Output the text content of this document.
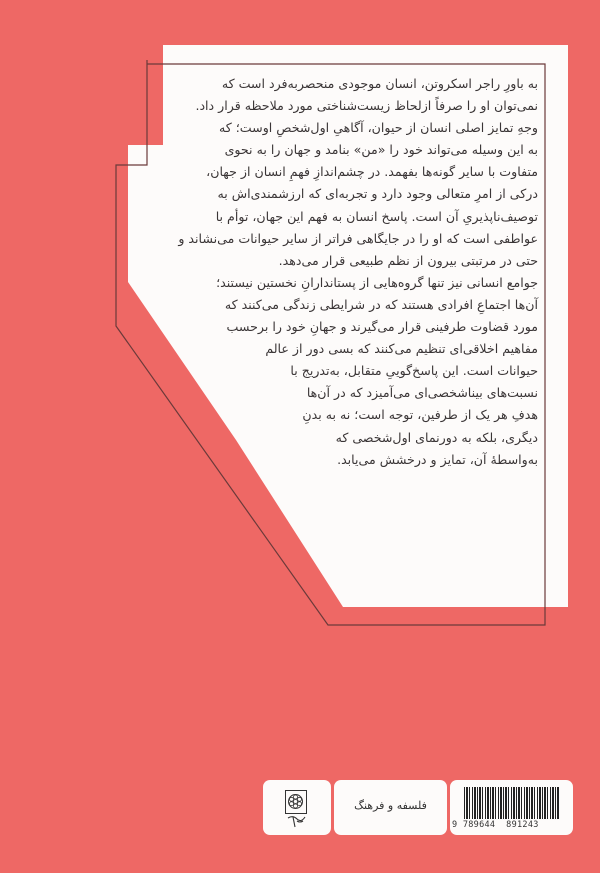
به باورِ راجر اسکروتن، انسان موجودی منحصربه‌فرد است که
نمی‌توان او را صرفاً ازلحاظ زیست‌شناختی مورد ملاحظه قرار داد.
وجهِ تمایز اصلی انسان از حیوان، آگاهیِ اول‌شخصِ اوست؛ که
به این وسیله می‌تواند خود را «من» بنامد و جهان را به نحوی
متفاوت با سایر گونه‌ها بفهمد. در چشم‌اندازِ فهمِ انسان از جهان،
درکی از امرِ متعالی وجود دارد و تجربه‌ای که ارزشمندی‌اش به
توصیف‌ناپذیریِ آن است. پاسخ انسان به فهم این جهان، توأم با
عواطفی است که او را در جایگاهی فراتر از سایر حیوانات می‌نشاند و
حتی در مرتبتی بیرون از نظم طبیعی قرار می‌دهد.
جوامع انسانی نیز تنها گروه‌هایی از پستاندارانِ نخستین نیستند؛
آن‌ها اجتماعِ افرادی هستند که در شرایطی زندگی می‌کنند که
مورد قضاوت طرفینی قرار می‌گیرند و جهانِ خود را برحسب
مفاهیم اخلاقی‌ای تنظیم می‌کنند که بسی دور از عالم
حیوانات است. این پاسخ‌گوییِ متقابل، به‌تدریج با
نسبت‌های بیناشخصی‌ای می‌آمیزد که در آن‌ها
هدفِ هر یک از طرفین، توجه است؛ نه به بدنِ
دیگری، بلکه به دورنمای اول‌شخصی که
به‌واسطهٔ آن، تمایز و درخشش می‌یابد.
فلسفه و فرهنگ
9 789644  891243
